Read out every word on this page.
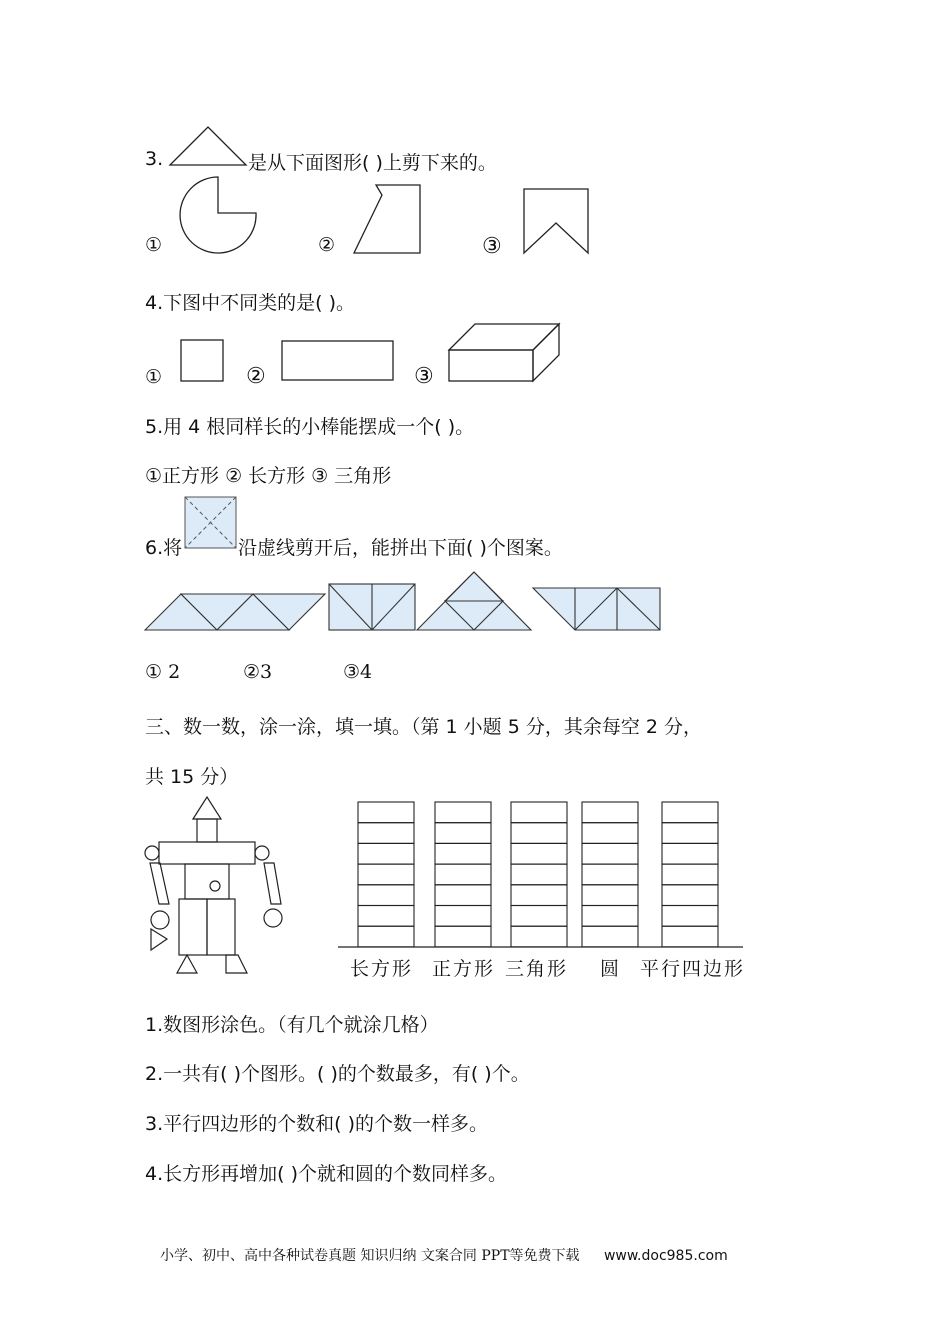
3.	是从下面图形( )上剪下来的。
①	②	③
4.下图中不同类的是( )。
①	②	③
5.用 4 根同样长的小棒能摆成一个( )。
①正方形 ② 长方形 ③ 三角形
6.将	沿虚线剪开后，能拼出下面( )个图案。
① 2	②3	③4
三、数一数，涂一涂，填一填。（第 1 小题 5 分，其余每空 2 分，
共 15 分）
长方形 正方形 三角形 圆 平行四边形
1.数图形涂色。（有几个就涂几格）
2.一共有( )个图形。( )的个数最多，有( )个。
3.平行四边形的个数和( )的个数一样多。
4.长方形再增加( )个就和圆的个数同样多。
小学、初中、高中各种试卷真题 知识归纳 文案合同 PPT等免费下载 www.doc985.com
